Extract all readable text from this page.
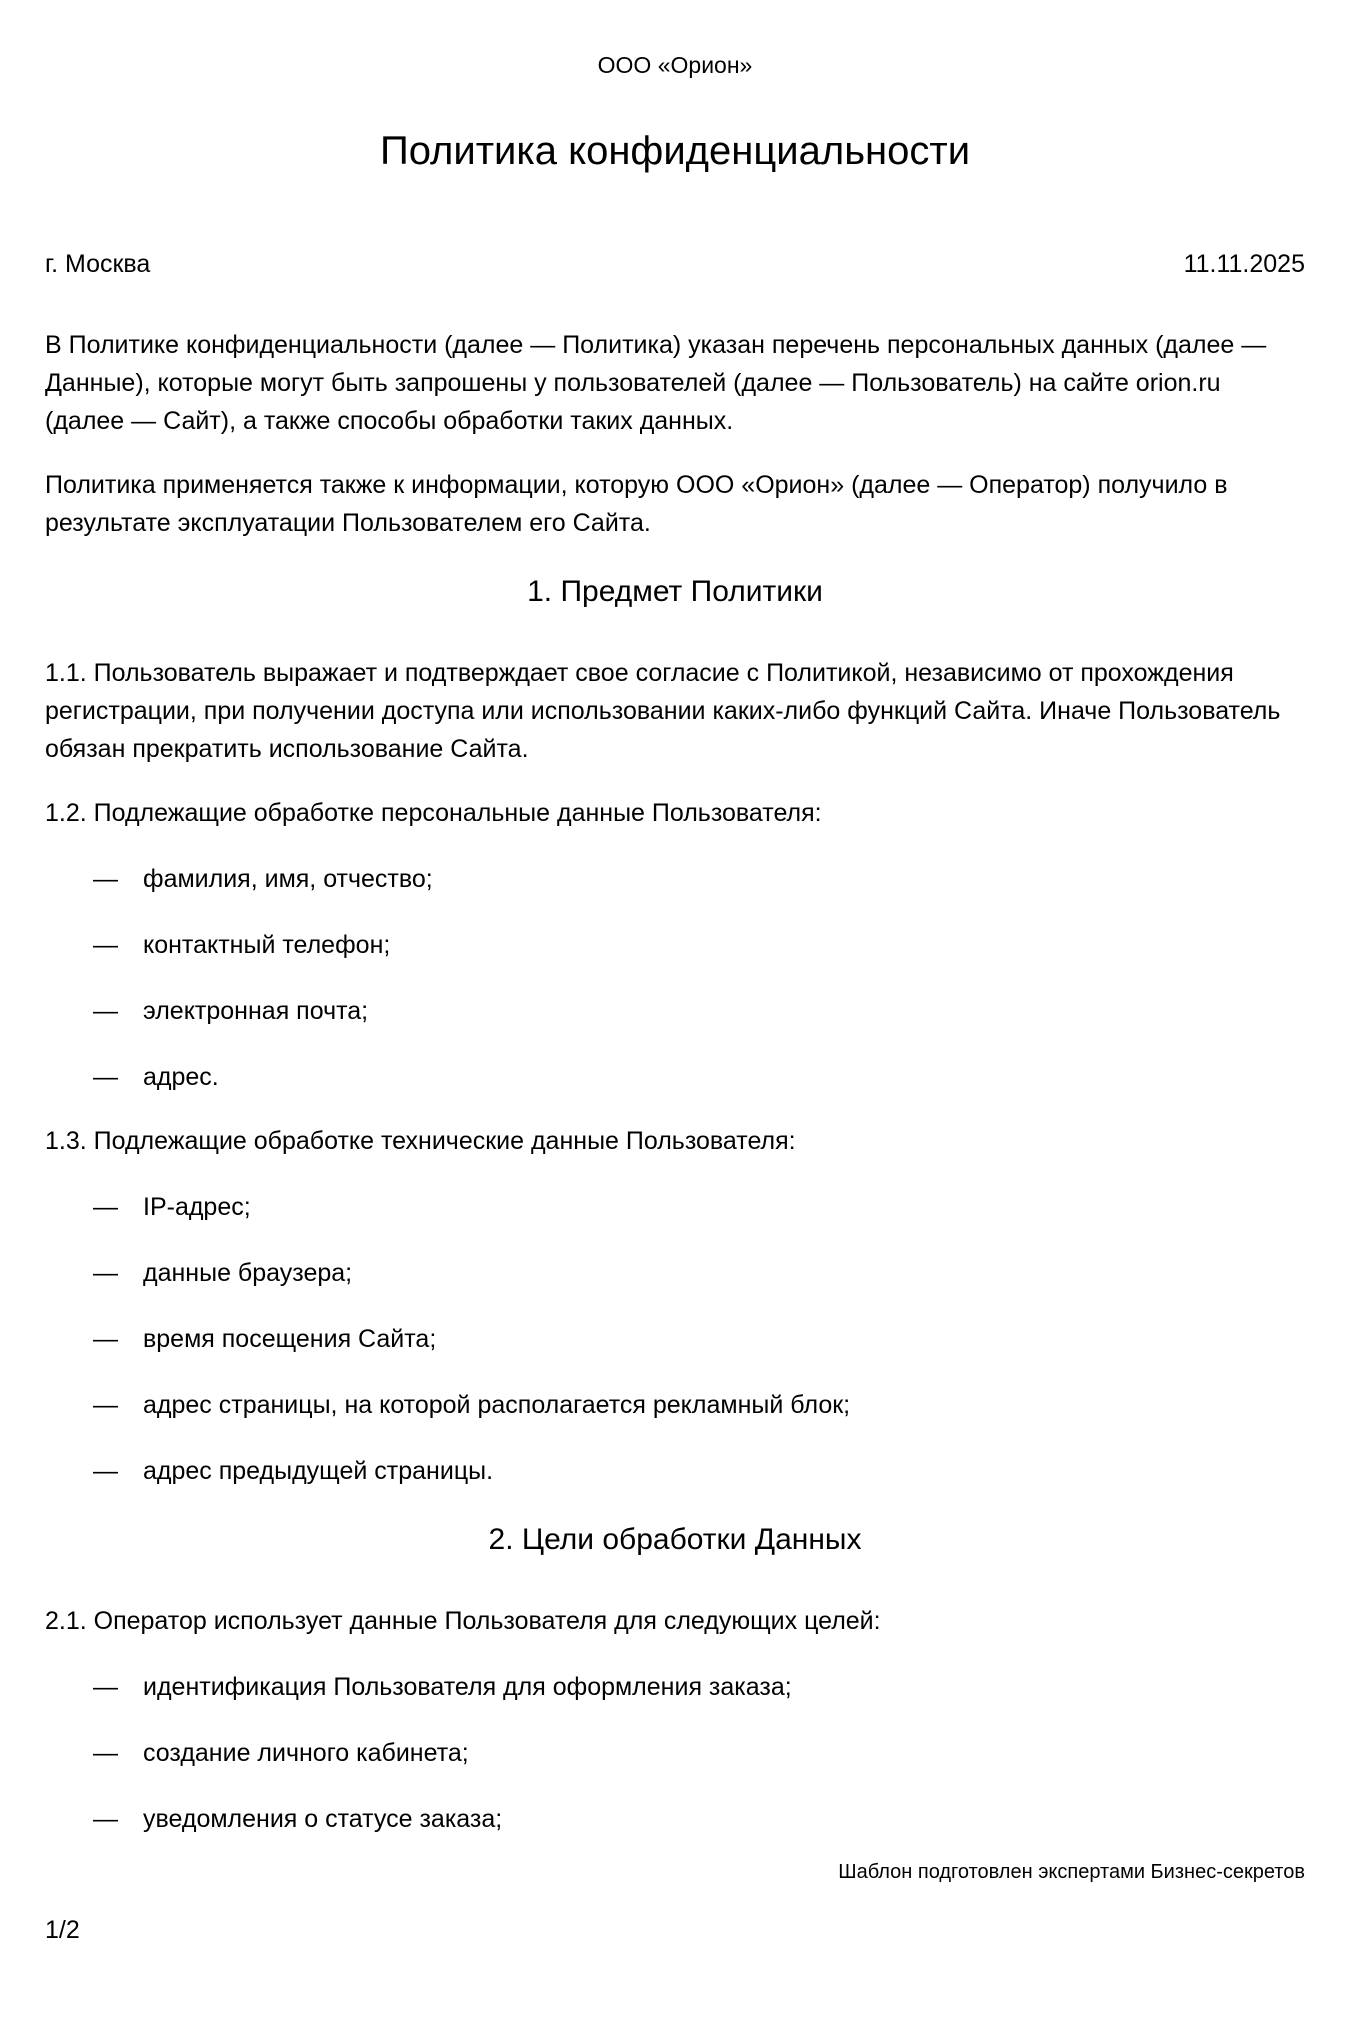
ООО «Орион»
Политика конфиденциальности
г. Москва	11.11.2025

В Политике конфиденциальности (далее — Политика) указан перечень персональных данных (далее — Данные), которые могут быть запрошены у пользователей (далее — Пользователь) на сайте orion.ru (далее — Сайт), а также способы обработки таких данных.

Политика применяется также к информации, которую ООО «Орион» (далее — Оператор) получило в результате эксплуатации Пользователем его Сайта.

1. Предмет Политики

1.1. Пользователь выражает и подтверждает свое согласие с Политикой, независимо от прохождения регистрации, при получении доступа или использовании каких-либо функций Сайта. Иначе Пользователь обязан прекратить использование Сайта.

1.2. Подлежащие обработке персональные данные Пользователя:

—	фамилия, имя, отчество;
—	контактный телефон;
—	электронная почта;
—	адрес.

1.3. Подлежащие обработке технические данные Пользователя:

—	IP-адрес;
—	данные браузера;
—	время посещения Сайта;
—	адрес страницы, на которой располагается рекламный блок;
—	адрес предыдущей страницы.
2. Цели обработки Данных

2.1. Оператор использует данные Пользователя для следующих целей:

—	идентификация Пользователя для оформления заказа;
—	создание личного кабинета;
—	уведомления о статусе заказа;
Шаблон подготовлен экспертами Бизнес-секретов
1/2
